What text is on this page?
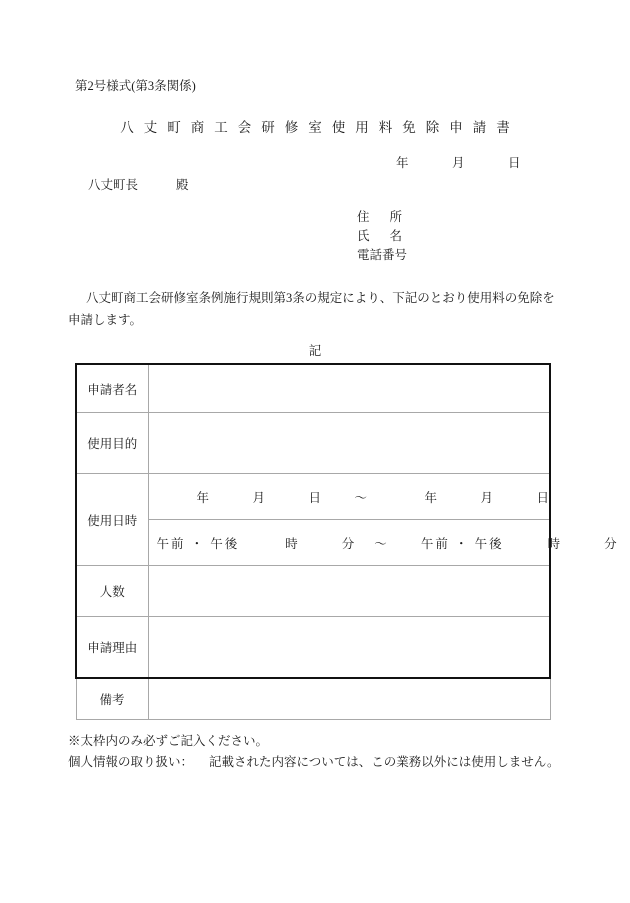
第2号様式(第3条関係)
八丈町商工会研修室使用料免除申請書
年	月	日
八丈町長	殿
住 所
氏 名
電話番号
八丈町商工会研修室条例施行規則第3条の規定により、下記のとおり使用料の免除を申請します。
記
申請者名	
使用目的	
使用日時	年 月 日 ～ 年 月 日

	午前 ・ 午後 時 分 ～ 午前 ・ 午後 時 分

人数	
申請理由	
備考	
※太枠内のみ必ずご記入ください。
個人情報の取り扱い： 記載された内容については、この業務以外には使用しません。
